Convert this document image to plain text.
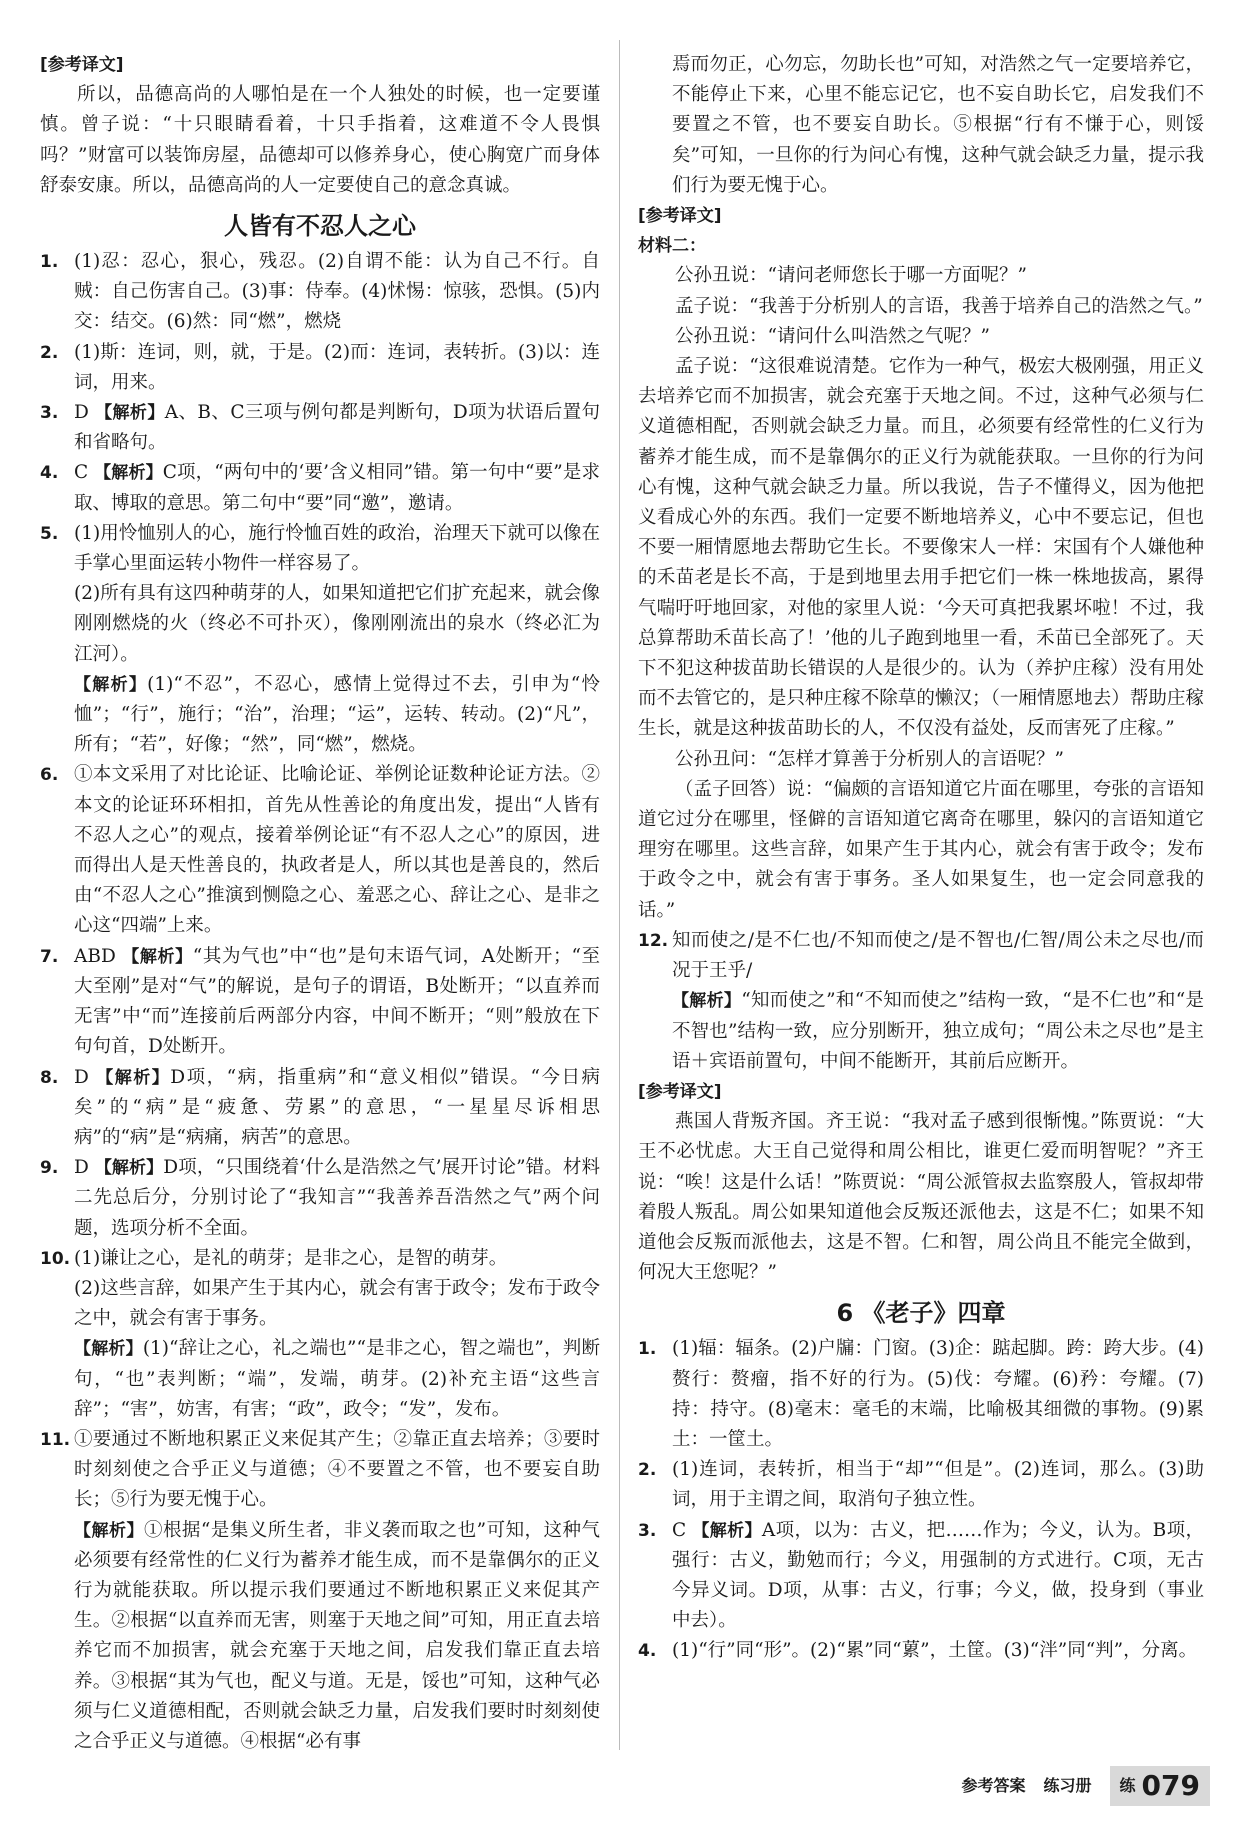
[参考译文]

所以，品德高尚的人哪怕是在一个人独处的时候，也一定要谨慎。曾子说：“十只眼睛看着，十只手指着，这难道不令人畏惧吗？”财富可以装饰房屋，品德却可以修养身心，使心胸宽广而身体舒泰安康。所以，品德高尚的人一定要使自己的意念真诚。

人皆有不忍人之心
1. (1)忍：忍心，狠心，残忍。(2)自谓不能：认为自己不行。自贼：自己伤害自己。(3)事：侍奉。(4)怵惕：惊骇，恐惧。(5)内交：结交。(6)然：同“燃”，燃烧
2. (1)斯：连词，则，就，于是。(2)而：连词，表转折。(3)以：连词，用来。
3. D 【解析】A、B、C三项与例句都是判断句，D项为状语后置句和省略句。
4. C 【解析】C项，“两句中的‘要’含义相同”错。第一句中“要”是求取、博取的意思。第二句中“要”同“邀”，邀请。
5. (1)用怜恤别人的心，施行怜恤百姓的政治，治理天下就可以像在手掌心里面运转小物件一样容易了。

(2)所有具有这四种萌芽的人，如果知道把它们扩充起来，就会像刚刚燃烧的火（终必不可扑灭），像刚刚流出的泉水（终必汇为江河）。

【解析】(1)“不忍”，不忍心，感情上觉得过不去，引申为“怜恤”；“行”，施行；“治”，治理；“运”，运转、转动。(2)“凡”，所有；“若”，好像；“然”，同“燃”，燃烧。

6. ①本文采用了对比论证、比喻论证、举例论证数种论证方法。②本文的论证环环相扣，首先从性善论的角度出发，提出“人皆有不忍人之心”的观点，接着举例论证“有不忍人之心”的原因，进而得出人是天性善良的，执政者是人，所以其也是善良的，然后由“不忍人之心”推演到恻隐之心、羞恶之心、辞让之心、是非之心这“四端”上来。
7. ABD 【解析】“其为气也”中“也”是句末语气词，A处断开；“至大至刚”是对“气”的解说，是句子的谓语，B处断开；“以直养而无害”中“而”连接前后两部分内容，中间不断开；“则”般放在下句句首，D处断开。
8. D 【解析】D项，“病，指重病”和“意义相似”错误。“今日病矣”的“病”是“疲惫、劳累”的意思，“一星星尽诉相思病”的“病”是“病痛，病苦”的意思。
9. D 【解析】D项，“只围绕着‘什么是浩然之气’展开讨论”错。材料二先总后分，分别讨论了“我知言”“我善养吾浩然之气”两个问题，选项分析不全面。
10. (1)谦让之心，是礼的萌芽；是非之心，是智的萌芽。

(2)这些言辞，如果产生于其内心，就会有害于政令；发布于政令之中，就会有害于事务。

【解析】(1)“辞让之心，礼之端也”“是非之心，智之端也”，判断句，“也”表判断；“端”，发端，萌芽。(2)补充主语“这些言辞”；“害”，妨害，有害；“政”，政令；“发”，发布。

11. ①要通过不断地积累正义来促其产生；②靠正直去培养；③要时时刻刻使之合乎正义与道德；④不要置之不管，也不要妄自助长；⑤行为要无愧于心。

【解析】①根据“是集义所生者，非义袭而取之也”可知，这种气必须要有经常性的仁义行为蓄养才能生成，而不是靠偶尔的正义行为就能获取。所以提示我们要通过不断地积累正义来促其产生。②根据“以直养而无害，则塞于天地之间”可知，用正直去培养它而不加损害，就会充塞于天地之间，启发我们靠正直去培养。③根据“其为气也，配义与道。无是，馁也”可知，这种气必须与仁义道德相配，否则就会缺乏力量，启发我们要时时刻刻使之合乎正义与道德。④根据“必有事

焉而勿正，心勿忘，勿助长也”可知，对浩然之气一定要培养它，不能停止下来，心里不能忘记它，也不妄自助长它，启发我们不要置之不管，也不要妄自助长。⑤根据“行有不慊于心，则馁矣”可知，一旦你的行为问心有愧，这种气就会缺乏力量，提示我们行为要无愧于心。

[参考译文]

材料二：

公孙丑说：“请问老师您长于哪一方面呢？”

孟子说：“我善于分析别人的言语，我善于培养自己的浩然之气。”

公孙丑说：“请问什么叫浩然之气呢？”

孟子说：“这很难说清楚。它作为一种气，极宏大极刚强，用正义去培养它而不加损害，就会充塞于天地之间。不过，这种气必须与仁义道德相配，否则就会缺乏力量。而且，必须要有经常性的仁义行为蓄养才能生成，而不是靠偶尔的正义行为就能获取。一旦你的行为问心有愧，这种气就会缺乏力量。所以我说，告子不懂得义，因为他把义看成心外的东西。我们一定要不断地培养义，心中不要忘记，但也不要一厢情愿地去帮助它生长。不要像宋人一样：宋国有个人嫌他种的禾苗老是长不高，于是到地里去用手把它们一株一株地拔高，累得气喘吁吁地回家，对他的家里人说：‘今天可真把我累坏啦！不过，我总算帮助禾苗长高了！’他的儿子跑到地里一看，禾苗已全部死了。天下不犯这种拔苗助长错误的人是很少的。认为（养护庄稼）没有用处而不去管它的，是只种庄稼不除草的懒汉；（一厢情愿地去）帮助庄稼生长，就是这种拔苗助长的人，不仅没有益处，反而害死了庄稼。”

公孙丑问：“怎样才算善于分析别人的言语呢？”

（孟子回答）说：“偏颇的言语知道它片面在哪里，夸张的言语知道它过分在哪里，怪僻的言语知道它离奇在哪里，躲闪的言语知道它理穷在哪里。这些言辞，如果产生于其内心，就会有害于政令；发布于政令之中，就会有害于事务。圣人如果复生，也一定会同意我的话。”

12. 知而使之/是不仁也/不知而使之/是不智也/仁智/周公未之尽也/而况于王乎/

【解析】“知而使之”和“不知而使之”结构一致，“是不仁也”和“是不智也”结构一致，应分别断开，独立成句；“周公未之尽也”是主语＋宾语前置句，中间不能断开，其前后应断开。

[参考译文]

燕国人背叛齐国。齐王说：“我对孟子感到很惭愧。”陈贾说：“大王不必忧虑。大王自己觉得和周公相比，谁更仁爱而明智呢？”齐王说：“唉！这是什么话！”陈贾说：“周公派管叔去监察殷人，管叔却带着殷人叛乱。周公如果知道他会反叛还派他去，这是不仁；如果不知道他会反叛而派他去，这是不智。仁和智，周公尚且不能完全做到，何况大王您呢？”

6 《老子》四章
1. (1)辐：辐条。(2)户牖：门窗。(3)企：踮起脚。跨：跨大步。(4)赘行：赘瘤，指不好的行为。(5)伐：夸耀。(6)矜：夸耀。(7)持：持守。(8)毫末：毫毛的末端，比喻极其细微的事物。(9)累土：一筐土。
2. (1)连词，表转折，相当于“却”“但是”。(2)连词，那么。(3)助词，用于主谓之间，取消句子独立性。
3. C 【解析】A项，以为：古义，把……作为；今义，认为。B项，强行：古义，勤勉而行；今义，用强制的方式进行。C项，无古今异义词。D项，从事：古义，行事；今义，做，投身到（事业中去）。
4. (1)“行”同“形”。(2)“累”同“蔂”，土筐。(3)“泮”同“判”，分离。
参考答案 练习册 练 079
